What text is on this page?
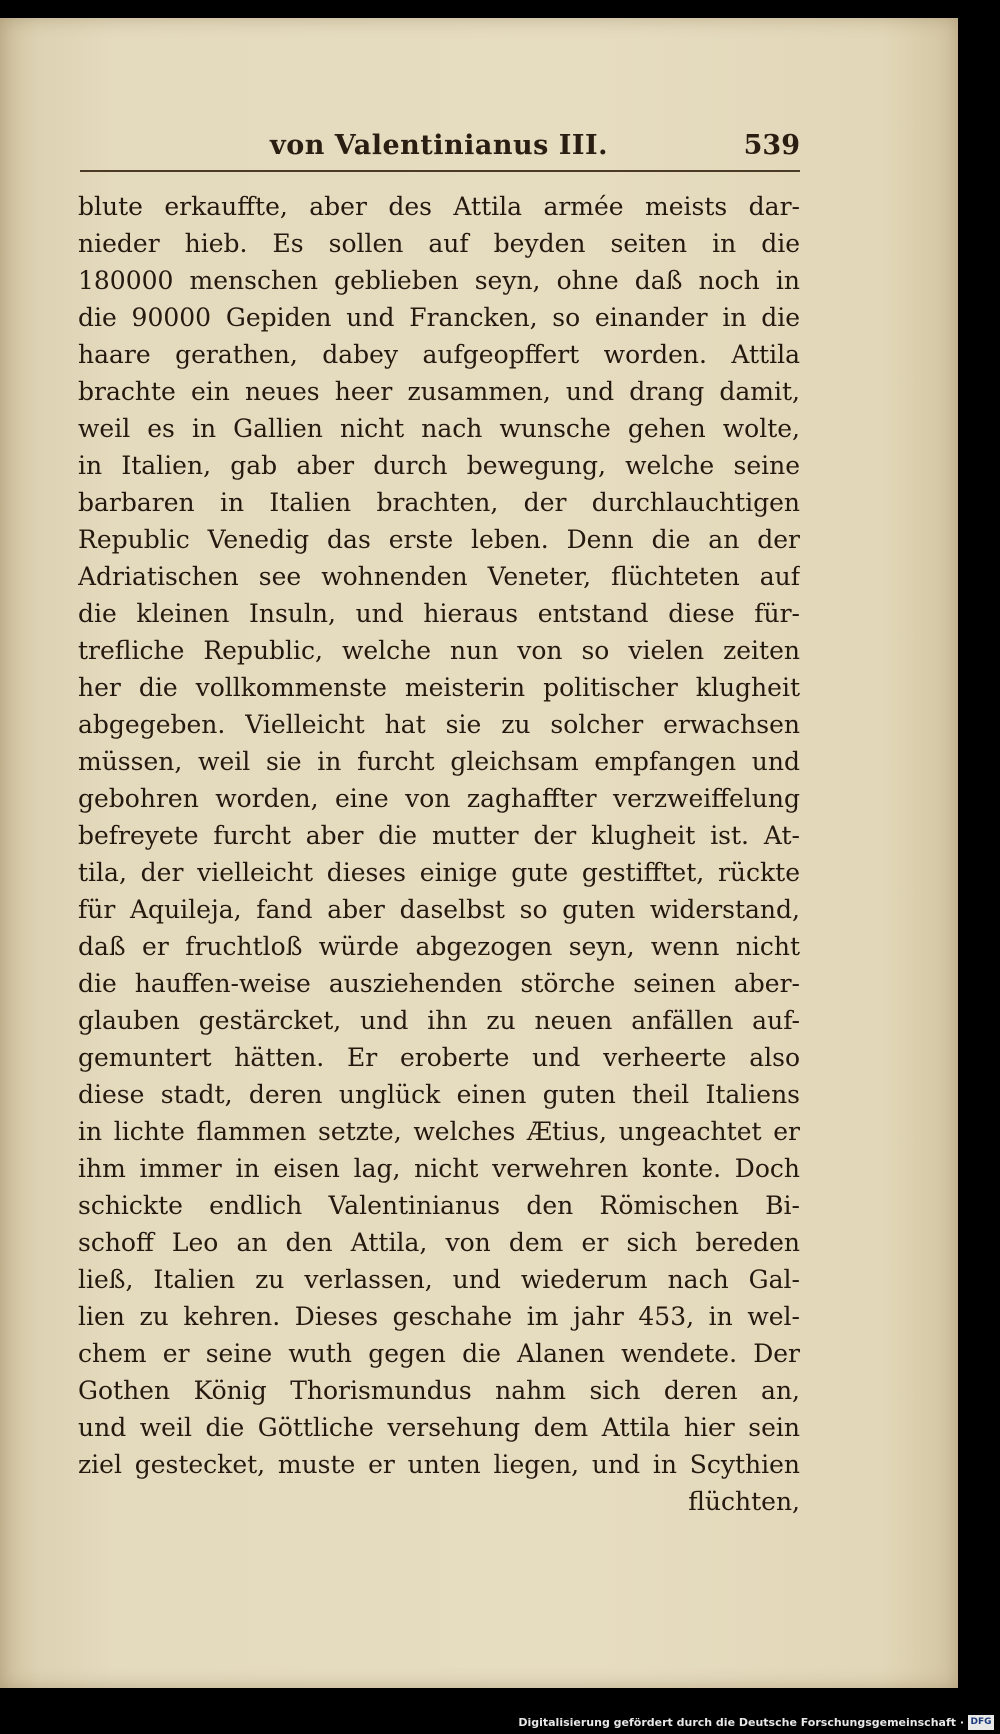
von Valentinianus III.	539
blute erkauffte, aber des Attila armée meists dar-
nieder hieb. Es sollen auf beyden seiten in die
180000 menschen geblieben seyn, ohne daß noch in
die 90000 Gepiden und Francken, so einander in die
haare gerathen, dabey aufgeopffert worden. Attila
brachte ein neues heer zusammen, und drang damit,
weil es in Gallien nicht nach wunsche gehen wolte,
in Italien, gab aber durch bewegung, welche seine
barbaren in Italien brachten, der durchlauchtigen
Republic Venedig das erste leben. Denn die an der
Adriatischen see wohnenden Veneter, flüchteten auf
die kleinen Insuln, und hieraus entstand diese für-
trefliche Republic, welche nun von so vielen zeiten
her die vollkommenste meisterin politischer klugheit
abgegeben. Vielleicht hat sie zu solcher erwachsen
müssen, weil sie in furcht gleichsam empfangen und
gebohren worden, eine von zaghaffter verzweiffelung
befreyete furcht aber die mutter der klugheit ist. At-
tila, der vielleicht dieses einige gute gestifftet, rückte
für Aquileja, fand aber daselbst so guten widerstand,
daß er fruchtloß würde abgezogen seyn, wenn nicht
die hauffen-weise ausziehenden störche seinen aber-
glauben gestärcket, und ihn zu neuen anfällen auf-
gemuntert hätten. Er eroberte und verheerte also
diese stadt, deren unglück einen guten theil Italiens
in lichte flammen setzte, welches Ætius, ungeachtet er
ihm immer in eisen lag, nicht verwehren konte. Doch
schickte endlich Valentinianus den Römischen Bi-
schoff Leo an den Attila, von dem er sich bereden
ließ, Italien zu verlassen, und wiederum nach Gal-
lien zu kehren. Dieses geschahe im jahr 453, in wel-
chem er seine wuth gegen die Alanen wendete. Der
Gothen König Thorismundus nahm sich deren an,
und weil die Göttliche versehung dem Attila hier sein
ziel gestecket, muste er unten liegen, und in Scythien
flüchten,
Digitalisierung gefördert durch die Deutsche Forschungsgemeinschaft · DFG
